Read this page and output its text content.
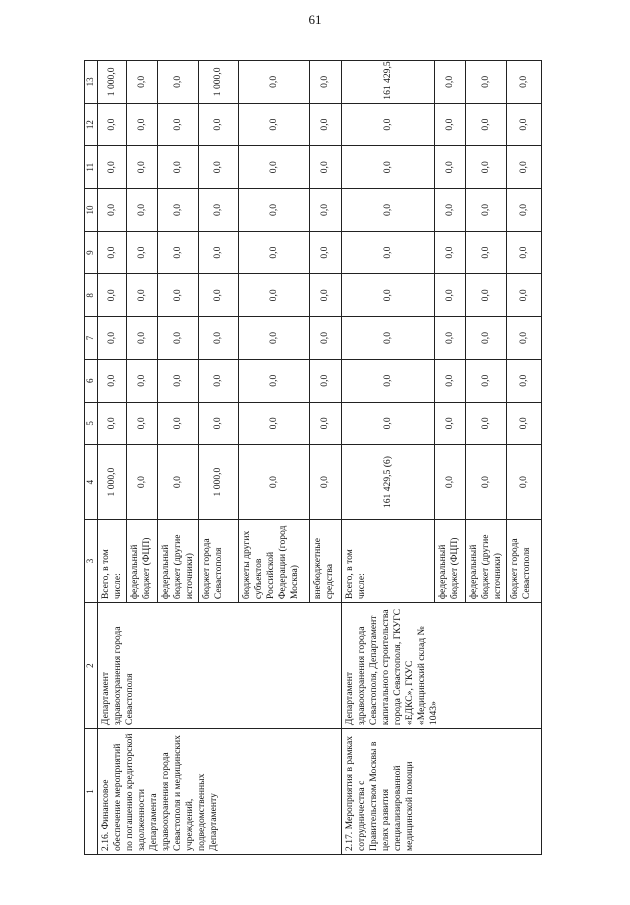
61
1	2	3	4	5	6	7	8	9	10	11	12	13
2.16. Финансовое обеспечение мероприятий по погашению кредиторской задолженности Департамента здравоохранения города Севастополя и медицинских учреждений, подведомственных Департаменту	Департамент здравоохранения города Севастополя	Всего, в том числе:	1 000,0	0,0	0,0	0,0	0,0	0,0	0,0	0,0	0,0	1 000,0
		федеральный бюджет (ФЦП)	0,0	0,0	0,0	0,0	0,0	0,0	0,0	0,0	0,0	0,0
		федеральный бюджет (другие источники)	0,0	0,0	0,0	0,0	0,0	0,0	0,0	0,0	0,0	0,0
		бюджет города Севастополя	1 000,0	0,0	0,0	0,0	0,0	0,0	0,0	0,0	0,0	1 000,0
		бюджеты других субъектов Российской Федерации (город Москва)	0,0	0,0	0,0	0,0	0,0	0,0	0,0	0,0	0,0	0,0
		внебюджетные средства	0,0	0,0	0,0	0,0	0,0	0,0	0,0	0,0	0,0	0,0
2.17. Мероприятия в рамках сотрудничества с Правительством Москвы в целях развития специализированной медицинской помощи	Департамент здравоохранения города Севастополя, Департамент капитального строительства города Севастополя, ГКУГС «ЕДКС», ГКУС «Медицинский склад № 1043»	Всего, в том числе:	161 429,5 (6)	0,0	0,0	0,0	0,0	0,0	0,0	0,0	0,0	161 429,5
		федеральный бюджет (ФЦП)	0,0	0,0	0,0	0,0	0,0	0,0	0,0	0,0	0,0	0,0
		федеральный бюджет (другие источники)	0,0	0,0	0,0	0,0	0,0	0,0	0,0	0,0	0,0	0,0
		бюджет города Севастополя	0,0	0,0	0,0	0,0	0,0	0,0	0,0	0,0	0,0	0,0
